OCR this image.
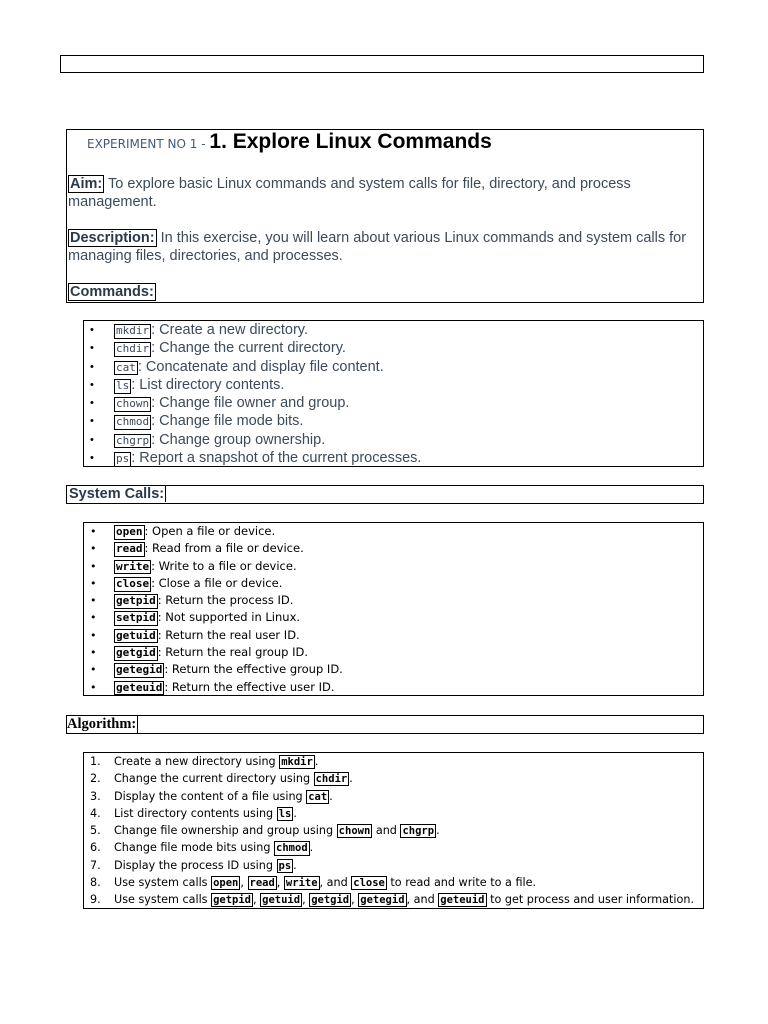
EXPERIMENT NO 1 - 1. Explore Linux Commands
Aim: To explore basic Linux commands and system calls for file, directory, and process management.
Description: In this exercise, you will learn about various Linux commands and system calls for managing files, directories, and processes.
Commands:
• mkdir : Create a new directory.
• chdir : Change the current directory.
• cat : Concatenate and display file content.
• ls : List directory contents.
• chown : Change file owner and group.
• chmod : Change file mode bits.
• chgrp : Change group ownership.
• ps : Report a snapshot of the current processes.
System Calls:
• open : Open a file or device.
• read : Read from a file or device.
• write : Write to a file or device.
• close : Close a file or device.
• getpid : Return the process ID.
• setpid : Not supported in Linux.
• getuid : Return the real user ID.
• getgid : Return the real group ID.
• getegid : Return the effective group ID.
• geteuid : Return the effective user ID.
Algorithm:
1. Create a new directory using mkdir .
2. Change the current directory using chdir .
3. Display the content of a file using cat .
4. List directory contents using ls .
5. Change file ownership and group using chown and chgrp .
6. Change file mode bits using chmod .
7. Display the process ID using ps .
8. Use system calls open , read , write , and close to read and write to a file.
9. Use system calls getpid , getuid , getgid , getegid , and geteuid to get process and user information.
